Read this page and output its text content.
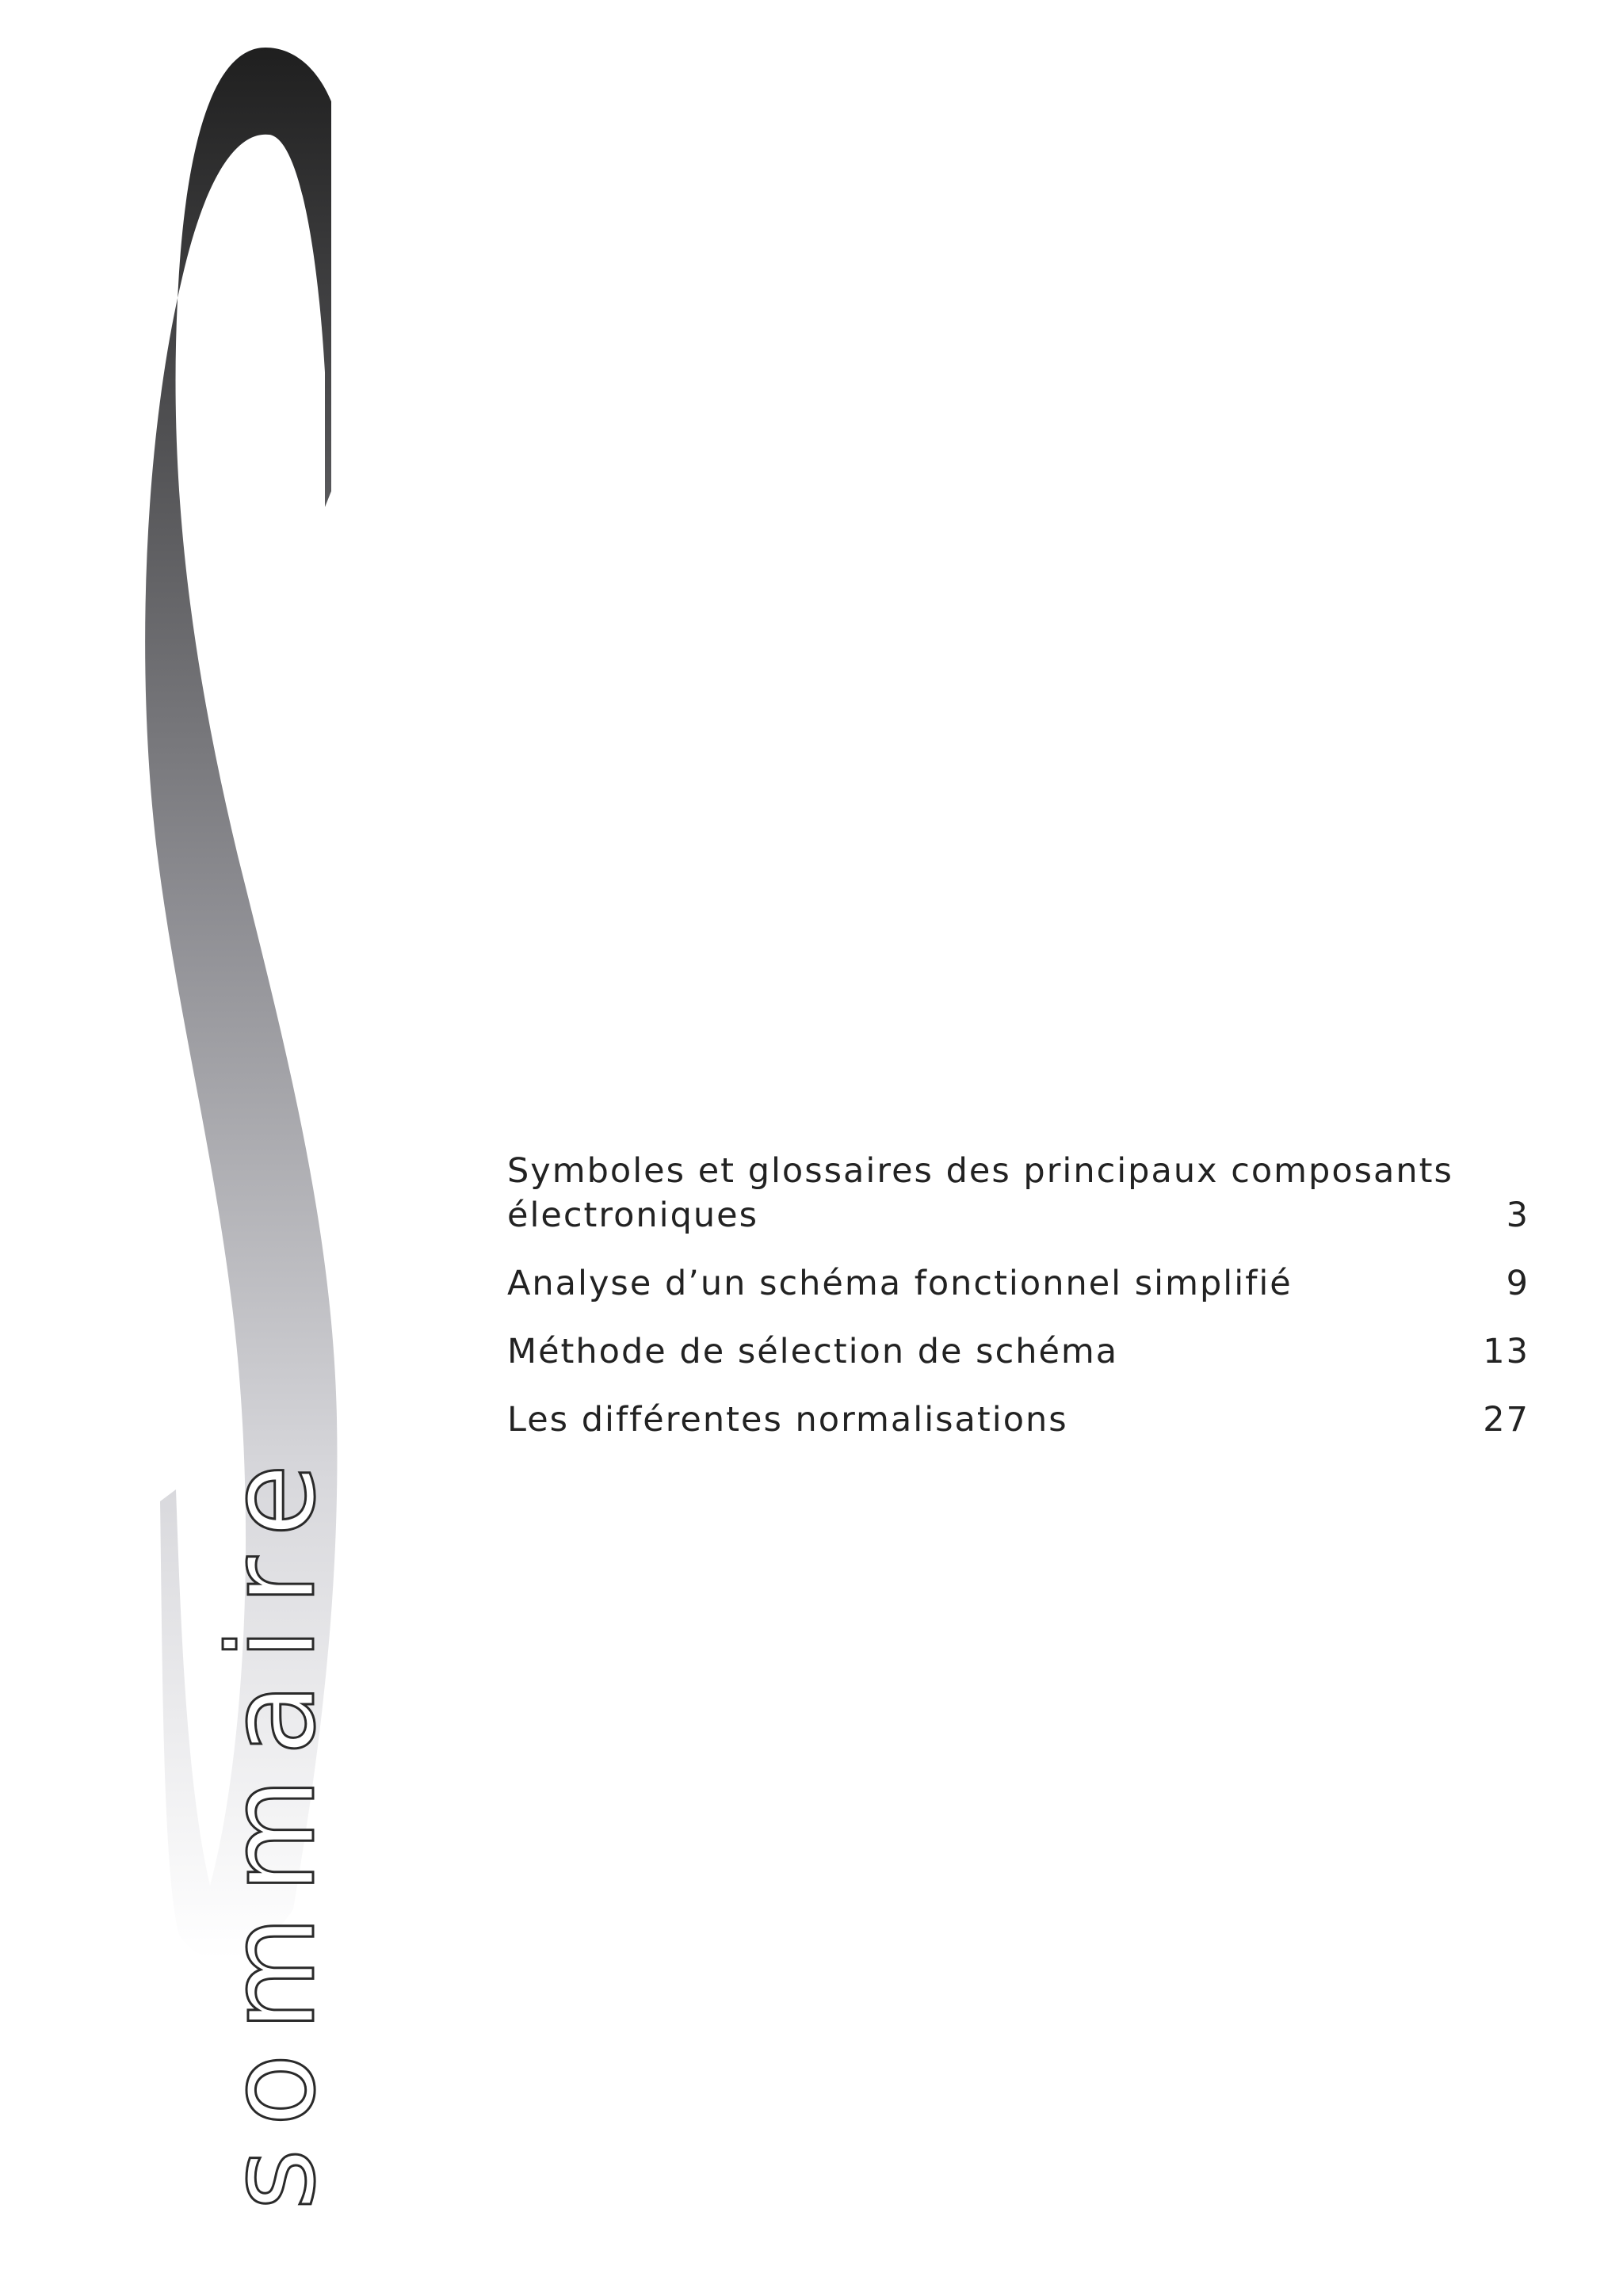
sommaire
Symboles et glossaires des principaux composants électroniques	3
Analyse d’un schéma fonctionnel simplifié	9
Méthode de sélection de schéma	13
Les différentes normalisations	27
